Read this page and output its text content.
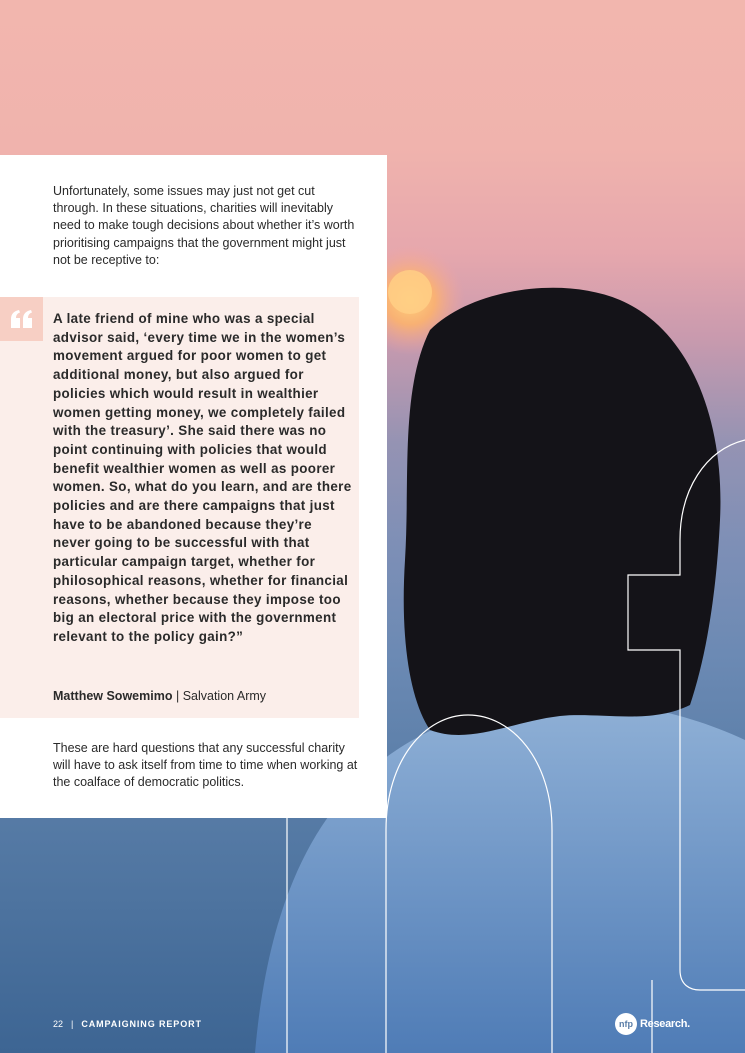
Unfortunately, some issues may just not get cut through. In these situations, charities will inevitably need to make tough decisions about whether it’s worth prioritising campaigns that the government might just not be receptive to:

A late friend of mine who was a special advisor said, ‘every time we in the women’s movement argued for poor women to get additional money, but also argued for policies which would result in wealthier women getting money, we completely failed with the treasury’. She said there was no point continuing with policies that would benefit wealthier women as well as poorer women. So, what do you learn, and are there policies and are there campaigns that just have to be abandoned because they’re never going to be successful with that particular campaign target, whether for philosophical reasons, whether for financial reasons, whether because they impose too big an electoral price with the government relevant to the policy gain?”

Matthew Sowemimo | Salvation Army

These are hard questions that any successful charity will have to ask itself from time to time when working at the coalface of democratic politics.

22 | CAMPAIGNING REPORT	nfp Research.
